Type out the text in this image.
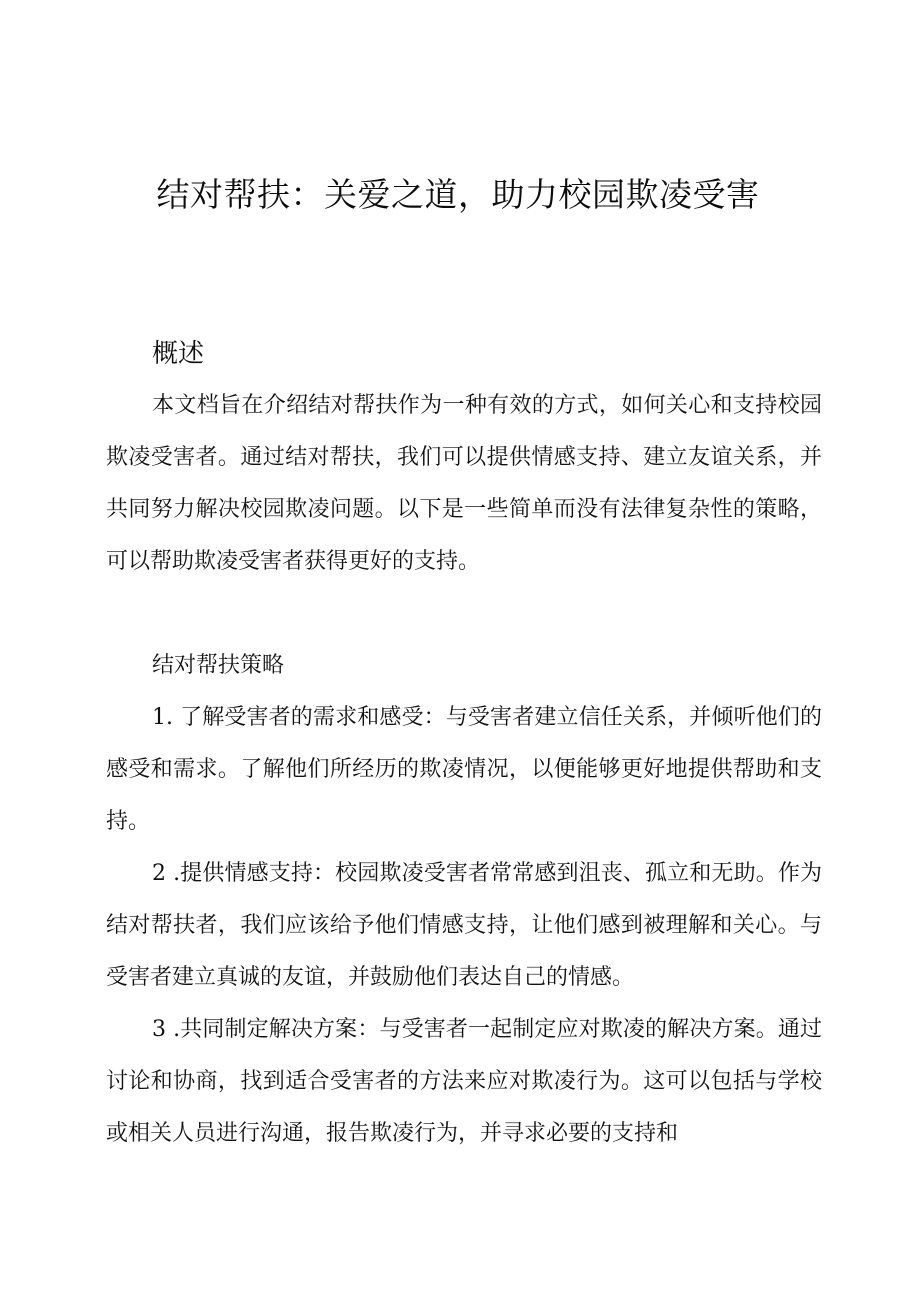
结对帮扶：关爱之道，助力校园欺凌受害
概述

本文档旨在介绍结对帮扶作为一种有效的方式，如何关心和支持校园欺凌受害者。通过结对帮扶，我们可以提供情感支持、建立友谊关系，并共同努力解决校园欺凌问题。以下是一些简单而没有法律复杂性的策略，可以帮助欺凌受害者获得更好的支持。

结对帮扶策略

1. 了解受害者的需求和感受：与受害者建立信任关系，并倾听他们的感受和需求。了解他们所经历的欺凌情况，以便能够更好地提供帮助和支持。

2 .提供情感支持：校园欺凌受害者常常感到沮丧、孤立和无助。作为结对帮扶者，我们应该给予他们情感支持，让他们感到被理解和关心。与受害者建立真诚的友谊，并鼓励他们表达自己的情感。

3 .共同制定解决方案：与受害者一起制定应对欺凌的解决方案。通过讨论和协商，找到适合受害者的方法来应对欺凌行为。这可以包括与学校或相关人员进行沟通，报告欺凌行为，并寻求必要的支持和
